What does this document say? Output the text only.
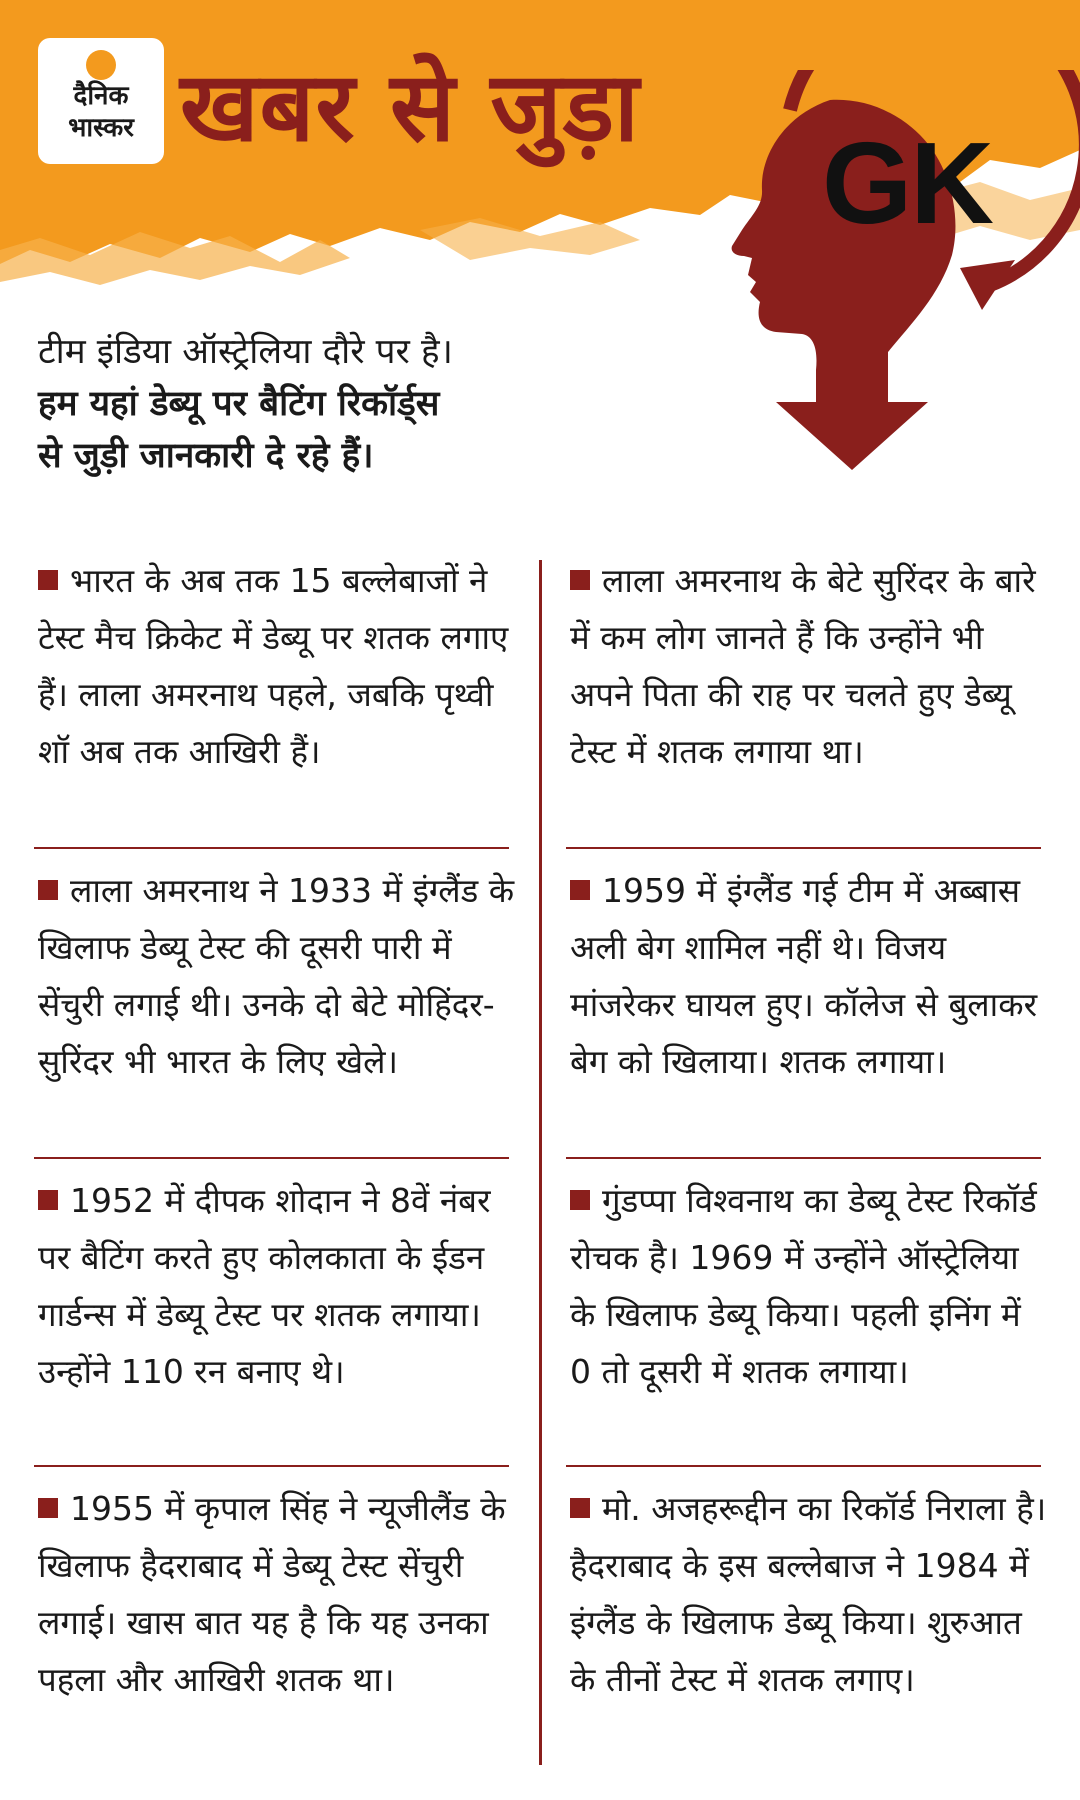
दैनिक
भास्कर खबर से जुड़ा
GK
टीम इंडिया ऑस्ट्रेलिया दौरे पर है।
हम यहां डेब्यू पर बैटिंग रिकॉर्ड्स
से जुड़ी जानकारी दे रहे हैं।
भारत के अब तक 15 बल्लेबाजों ने टेस्ट मैच क्रिकेट में डेब्यू पर शतक लगाए हैं। लाला अमरनाथ पहले, जबकि पृथ्वी शॉ अब तक आखिरी हैं।
लाला अमरनाथ ने 1933 में इंग्लैंड के खिलाफ डेब्यू टेस्ट की दूसरी पारी में सेंचुरी लगाई थी। उनके दो बेटे मोहिंदर-सुरिंदर भी भारत के लिए खेले।
1952 में दीपक शोदान ने 8वें नंबर पर बैटिंग करते हुए कोलकाता के ईडन गार्डन्स में डेब्यू टेस्ट पर शतक लगाया। उन्होंने 110 रन बनाए थे।
1955 में कृपाल सिंह ने न्यूजीलैंड के खिलाफ हैदराबाद में डेब्यू टेस्ट सेंचुरी लगाई। खास बात यह है कि यह उनका पहला और आखिरी शतक था।
लाला अमरनाथ के बेटे सुरिंदर के बारे में कम लोग जानते हैं कि उन्होंने भी अपने पिता की राह पर चलते हुए डेब्यू टेस्ट में शतक लगाया था।
1959 में इंग्लैंड गई टीम में अब्बास अली बेग शामिल नहीं थे। विजय मांजरेकर घायल हुए। कॉलेज से बुलाकर बेग को खिलाया। शतक लगाया।
गुंडप्पा विश्वनाथ का डेब्यू टेस्ट रिकॉर्ड रोचक है। 1969 में उन्होंने ऑस्ट्रेलिया के खिलाफ डेब्यू किया। पहली इनिंग में 0 तो दूसरी में शतक लगाया।
मो. अजहरूद्दीन का रिकॉर्ड निराला है। हैदराबाद के इस बल्लेबाज ने 1984 में इंग्लैंड के खिलाफ डेब्यू किया। शुरुआत के तीनों टेस्ट में शतक लगाए।
